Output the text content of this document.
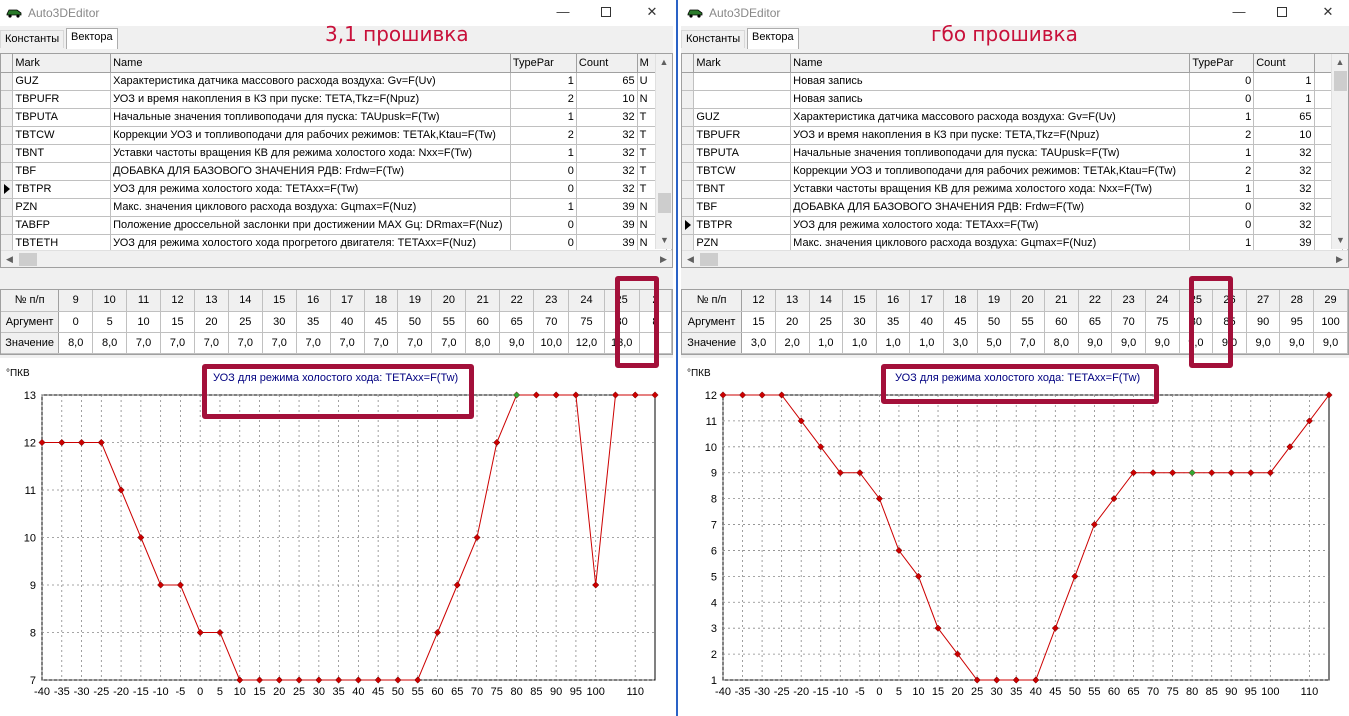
Auto3DEditor	—	✕
Константы	Вектора	3,1 прошивка
	Mark	Name	TypePar	Count	M	
	GUZ	Характеристика датчика массового расхода воздуха: Gv=F(Uv)	1	65	U	
	TBPUFR	УОЗ и время накопления в КЗ при пуске: TETA,Tkz=F(Npuz)	2	10	N	
	TBPUTA	Начальные значения топливоподачи для пуска: TAUpusk=F(Tw)	1	32	T	
	TBTCW	Коррекции УОЗ и топливоподачи для рабочих режимов: TETAk,Ktau=F(Tw)	2	32	T	
	TBNT	Уставки частоты вращения КВ для режима холостого хода: Nxx=F(Tw)	1	32	T	
	TBF	ДОБАВКА ДЛЯ БАЗОВОГО ЗНАЧЕНИЯ РДВ: Frdw=F(Tw)	0	32	T	

	TBTPR	УОЗ для режима холостого хода: TETAxx=F(Tw)	0	32	T	
	PZN	Макс. значения циклового расхода воздуха: Gцmax=F(Nuz)	1	39	N	
	TABFP	Положение дроссельной заслонки при достижении MAX Gц: DRmax=F(Nuz)	0	39	N	
	TBTETH	УОЗ для режима холостого хода прогретого двигателя: TETAxx=F(Nuz)	0	39	N	
▲
▼
◀	▶
№ п/п	9	10	11	12	13	14	15	16	17	18	19	20	21	22	23	24	25	2
Аргумент	0	5	10	15	20	25	30	35	40	45	50	55	60	65	70	75	80	8
Значение	8,0	8,0	7,0	7,0	7,0	7,0	7,0	7,0	7,0	7,0	7,0	7,0	8,0	9,0	10,0	12,0	13,0	
-40 -35 -30 -25 -20 -15 -10 -5 0 5 10 15 20 25 30 35 40 45 50 55 60 65 70 75 80 85 90 95 100 110
7
8
9
10
11
12
13
°ПКВ	УОЗ для режима холостого хода: TETAxx=F(Tw)
Auto3DEditor	—	✕
Константы	Вектора	гбо прошивка
	Mark	Name	TypePar	Count		
		Новая запись	0	1		
		Новая запись	0	1		
	GUZ	Характеристика датчика массового расхода воздуха: Gv=F(Uv)	1	65		
	TBPUFR	УОЗ и время накопления в КЗ при пуске: TETA,Tkz=F(Npuz)	2	10		
	TBPUTA	Начальные значения топливоподачи для пуска: TAUpusk=F(Tw)	1	32		
	TBTCW	Коррекции УОЗ и топливоподачи для рабочих режимов: TETAk,Ktau=F(Tw)	2	32		
	TBNT	Уставки частоты вращения КВ для режима холостого хода: Nxx=F(Tw)	1	32		
	TBF	ДОБАВКА ДЛЯ БАЗОВОГО ЗНАЧЕНИЯ РДВ: Frdw=F(Tw)	0	32		

	TBTPR	УОЗ для режима холостого хода: TETAxx=F(Tw)	0	32		
	PZN	Макс. значения циклового расхода воздуха: Gцmax=F(Nuz)	1	39		
▲
▼
◀	▶
№ п/п	12	13	14	15	16	17	18	19	20	21	22	23	24	25	26	27	28	29
Аргумент	15	20	25	30	35	40	45	50	55	60	65	70	75	80	85	90	95	100
Значение	3,0	2,0	1,0	1,0	1,0	1,0	3,0	5,0	7,0	8,0	9,0	9,0	9,0	9,0	9,0	9,0	9,0	9,0
-40 -35 -30 -25 -20 -15 -10 -5 0 5 10 15 20 25 30 35 40 45 50 55 60 65 70 75 80 85 90 95 100 110
1
2
3
4
5
6
7
8
9
10
11
12
°ПКВ	УОЗ для режима холостого хода: TETAxx=F(Tw)
